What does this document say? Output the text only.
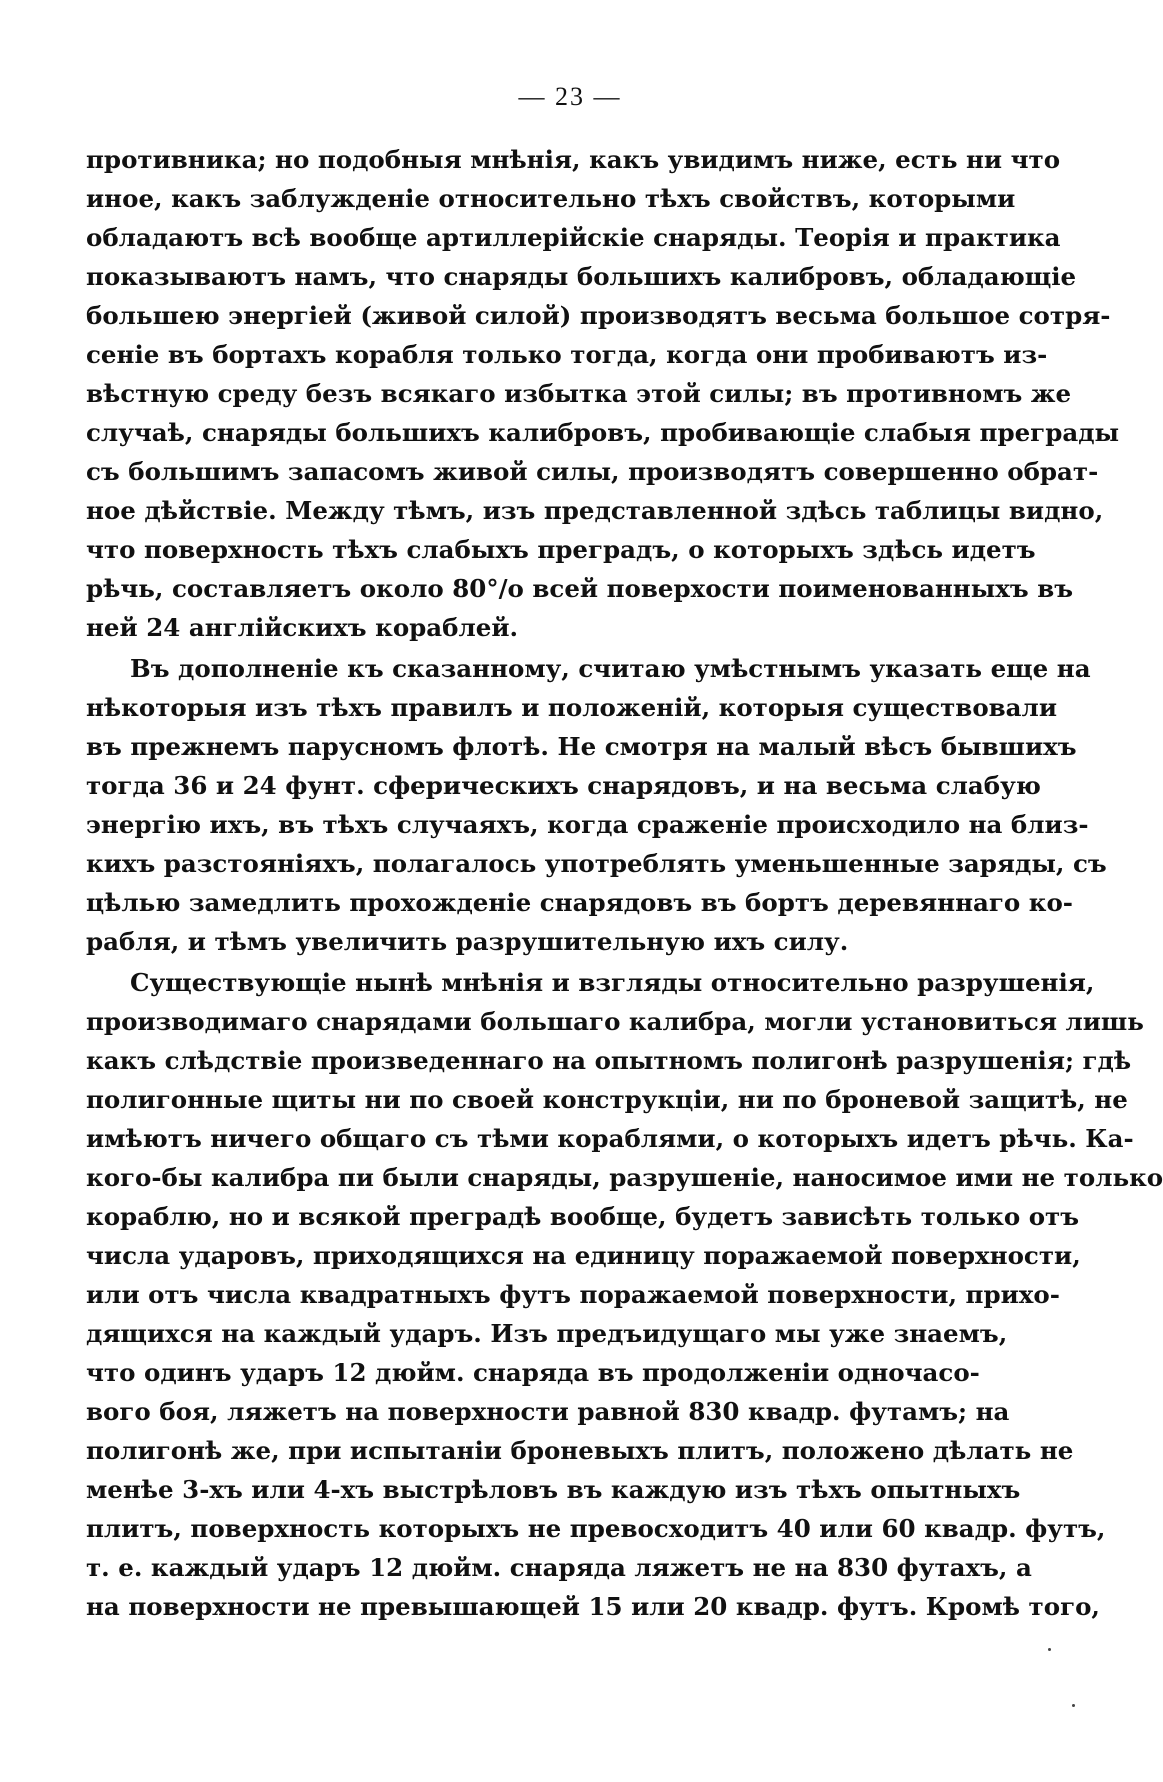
— 23 —
противника; но подобныя мнѣнія, какъ увидимъ ниже, есть ни что
иное, какъ заблужденіе относительно тѣхъ свойствъ, которыми
обладаютъ всѣ вообще артиллерійскіе снаряды. Теорія и практика
показываютъ намъ, что снаряды большихъ калибровъ, обладающіе
большею энергіей (живой силой) производятъ весьма большое сотря-
сеніе въ бортахъ корабля только тогда, когда они пробиваютъ из-
вѣстную среду безъ всякаго избытка этой силы; въ противномъ же
случаѣ, снаряды большихъ калибровъ, пробивающіе слабыя преграды
съ большимъ запасомъ живой силы, производятъ совершенно обрат-
ное дѣйствіе. Между тѣмъ, изъ представленной здѣсь таблицы видно,
что поверхность тѣхъ слабыхъ преградъ, о которыхъ здѣсь идетъ
рѣчь, составляетъ около 80°/о всей поверхости поименованныхъ въ
ней 24 англійскихъ кораблей.
Въ дополненіе къ сказанному, считаю умѣстнымъ указать еще на
нѣкоторыя изъ тѣхъ правилъ и положеній, которыя существовали
въ прежнемъ парусномъ флотѣ. Не смотря на малый вѣсъ бывшихъ
тогда 36 и 24 фунт. сферическихъ снарядовъ, и на весьма слабую
энергію ихъ, въ тѣхъ случаяхъ, когда сраженіе происходило на близ-
кихъ разстояніяхъ, полагалось употреблять уменьшенные заряды, съ
цѣлью замедлить прохожденіе снарядовъ въ бортъ деревяннаго ко-
рабля, и тѣмъ увеличить разрушительную ихъ силу.
Существующіе нынѣ мнѣнія и взгляды относительно разрушенія,
производимаго снарядами большаго калибра, могли установиться лишь
какъ слѣдствіе произведеннаго на опытномъ полигонѣ разрушенія; гдѣ
полигонные щиты ни по своей конструкціи, ни по броневой защитѣ, не
имѣютъ ничего общаго съ тѣми кораблями, о которыхъ идетъ рѣчь. Ка-
кого-бы калибра пи были снаряды, разрушеніе, наносимое ими не только
кораблю, но и всякой преградѣ вообще, будетъ зависѣть только отъ
числа ударовъ, приходящихся на единицу поражаемой поверхности,
или отъ числа квадратныхъ футъ поражаемой поверхности, прихо-
дящихся на каждый ударъ. Изъ предъидущаго мы уже знаемъ,
что одинъ ударъ 12 дюйм. снаряда въ продолженіи одночасо-
вого боя, ляжетъ на поверхности равной 830 квадр. футамъ; на
полигонѣ же, при испытаніи броневыхъ плитъ, положено дѣлать не
менѣе 3-хъ или 4-хъ выстрѣловъ въ каждую изъ тѣхъ опытныхъ
плитъ, поверхность которыхъ не превосходитъ 40 или 60 квадр. футъ,
т. е. каждый ударъ 12 дюйм. снаряда ляжетъ не на 830 футахъ, а
на поверхности не превышающей 15 или 20 квадр. футъ. Кромѣ того,
